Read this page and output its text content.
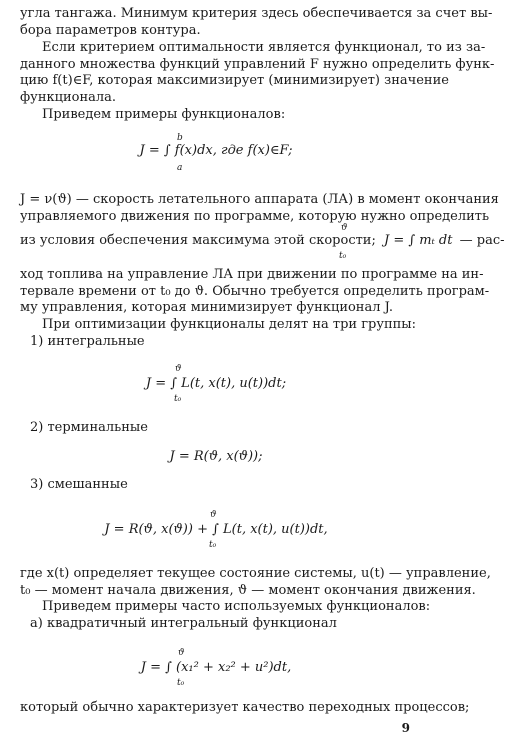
угла тангажа. Минимум критерия здесь обеспечивается за счет вы-
бора параметров контура.
Если критерием оптимальности является функционал, то из за-
данного множества функций управлений F нужно определить функ-
цию f(t)∈F, которая максимизирует (минимизирует) значение
функционала.
Приведем примеры функционалов:
J = ∫ f(x)dx, где f(x)∈F;
b
a
J = ν(ϑ) — скорость летательного аппарата (ЛА) в момент окончания
управляемого движения по программе, которую нужно определить
из условия обеспечения максимума этой скорости; J = ∫ mₜ dt — рас-
ϑ
t₀
ход топлива на управление ЛА при движении по программе на ин-
тервале времени от t₀ до ϑ. Обычно требуется определить програм-
му управления, которая минимизирует функционал J.
При оптимизации функционалы делят на три группы:
1) интегральные
J = ∫ L(t, x(t), u(t))dt;
ϑ
t₀
2) терминальные
J = R(ϑ, x(ϑ));
3) смешанные
J = R(ϑ, x(ϑ)) + ∫ L(t, x(t), u(t))dt,
ϑ
t₀
где x(t) определяет текущее состояние системы, u(t) — управление,
t₀ — момент начала движения, ϑ — момент окончания движения.
Приведем примеры часто используемых функционалов:
а) квадратичный интегральный функционал
J = ∫ (x₁² + x₂² + u²)dt,
ϑ
t₀
который обычно характеризует качество переходных процессов;
9
